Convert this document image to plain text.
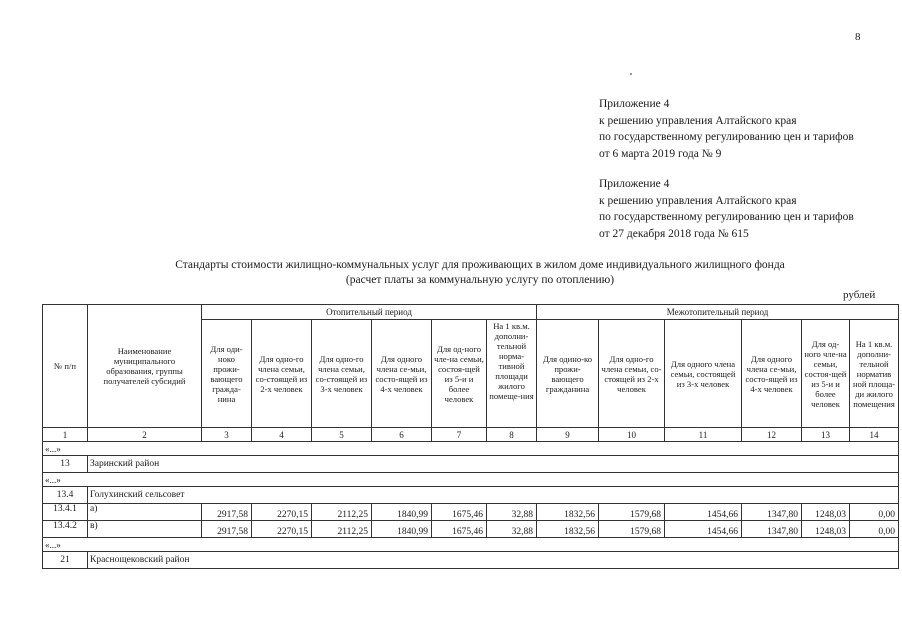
8
Приложение 4
к решению управления Алтайского края
по государственному регулированию цен и тарифов
от 6 марта 2019 года № 9
Приложение 4
к решению управления Алтайского края
по государственному регулированию цен и тарифов
от 27 декабря 2018 года № 615
Стандарты стоимости жилищно-коммунальных услуг для проживающих в жилом доме индивидуального жилищного фонда
(расчет платы за коммунальную услугу по отоплению)
рублей
№ п/п	Наименование муниципального образования, группы получателей субсидий	Отопительный период						Межотопительный период					
		Для оди-ноко прожи-вающего гражда-нина	Для одно-го члена семьи, со-стоящей из 2-х человек	Для одно-го члена семьи, со-стоящей из 3-х человек	Для одного члена се-мьи, состо-ящей из 4-х человек	Для од-ного чле-на семьи, состоя-щей из 5-и и более человек	На 1 кв.м. дополни-тельной норма-тивной площади жилого помеще-ния	Для одино-ко прожи-вающего гражданина	Для одно-го члена семьи, со-стоящей из 2-х человек	Для одного члена семьи, состоящей из 3-х человек	Для одного члена се-мьи, состо-ящей из 4-х человек	Для од-ного чле-на семьи, состоя-щей из 5-и и более человек	На 1 кв.м. дополни-тельной норматив ной площа-ди жилого помещения
1	2	3	4	5	6	7	8	9	10	11	12	13	14
«...»													
13	Заринский район												
«...»													
13.4	Голухинский сельсовет												
13.4.1	а)	2917,58	2270,15	2112,25	1840,99	1675,46	32,88	1832,56	1579,68	1454,66	1347,80	1248,03	0,00
13.4.2	в)	2917,58	2270,15	2112,25	1840,99	1675,46	32,88	1832,56	1579,68	1454,66	1347,80	1248,03	0,00
«...»													
21	Краснощековский район												
